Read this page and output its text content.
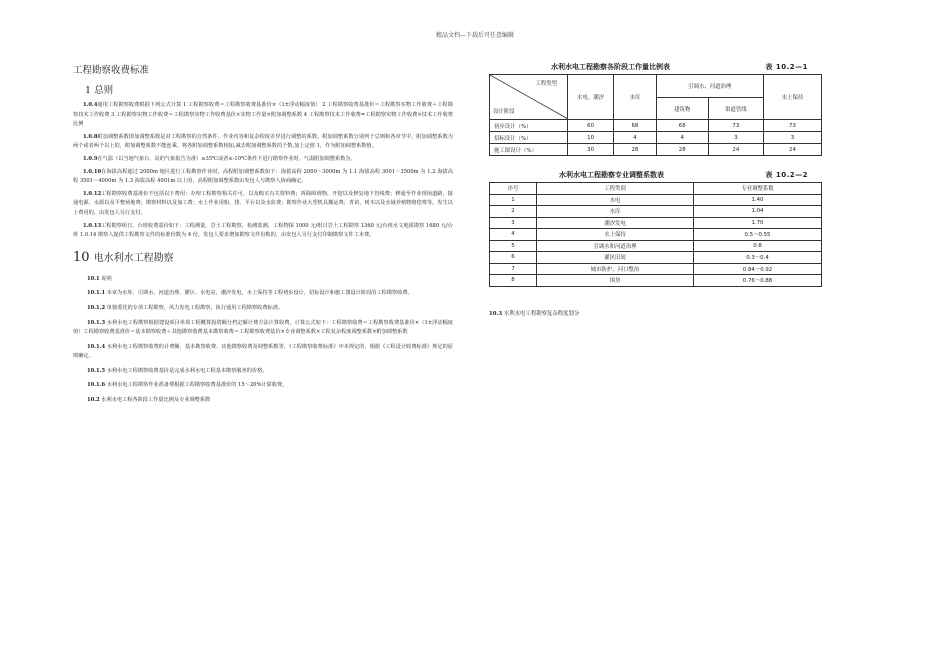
精品文档---下载后可任意编辑
工程勘察收费标准
1 总则

1.0.4通用工程勘察收费根据下列公式计算 1 工程勘察收费＝工程勘察收费基准价×（1±浮动幅度值） 2 工程勘察收费基准价＝工程勘察实物工作收费＋工程勘察技术工作收费 3 工程勘察实物工作收费＝工程勘察实物工作收费基价×实物工作量×附加调整系数 4 工程勘察技术工作收费=工程勘察实物工作收费×技术工作收费比例

1.0.8附加调整系数即加调整系数是对工程勘察的自然条件、作业内容和复杂程度差异进行调整的系数。附加调整系数分别列于总则和各章节中。附加调整系数为两个或者两个以上的，附加调整系数不能连乘。将各附加调整系数相加,减去附加调整系数的个数,加上定值 1，作为附加调整系数值。

1.0.9在气温（以当地气象台、站的气象报告为准）≥35℃或者≤-10℃条件下进行勘察作业时，气温附加调整系数为。

1.0.10在海拔高程超过 2000m 地区进行工程勘察作业时，高程附加调整系数如下：海拔高程 2000～3000m 为 1.1 海拔高程 3001～3500m 为 1.2 海拔高程 3501～4000m 为 1.3 海拔高程 4001m 以上的，高程附加调整系数由发包人与勘察人协商确定。

1.0.12工程勘察收费基准价不包括以下费用：办理工程勘察相关许可，以及购买有关资料费；拆除障碍物，开挖以及修复地下管线费；修通至作业现场道路，接通电源、水源以及平整场地费；勘察材料以及加工费；水上作业用船、排、平台以及水监费；勘察作业大型机具搬运费；青苗、树木以及水域养殖物赔偿费等。发生以上费用的，由发包人另行支付。

1.0.13工程勘察组日、台班收费基价如下：工程测量，岩土工程勘察，检测监测，工程物探 1000 元/组日岩土工程勘察 1360 元/台班水文地质勘察 1680 元/台班 1.0.14 勘察人提供工程勘察文件的标准份数为 4 份。发包人要求增加勘察文件份数的，由发包人另行支付印制勘察文件工本费。

10 电水利水工程勘察

10.1 说明

10.1.1 本章为水库、引调水、河道治理、灌区、水电站，潮汐发电、水土保持等工程初步设计，招标设计和施工图设计阶段的工程勘察收费。

10.1.2 单独委托的专项工程勘察，风力发电工程勘察，执行通用工程勘察收费标准。

10.1.3 水利水电工程勘察根据建设项目单项工程概算投资额分档定额计费方法计算收费，计算公式如下：工程勘察收费＝工程勘察收费基准价×（1±浮动幅度值）工程勘察收费基准价＝基本勘察收费＋其他勘察收费基本勘察收费＝工程勘察收费基价×专业调整系数×工程复杂程度调整系数×附加调整系数

10.1.4 水利水电工程勘察收费的计费额、基本勘察收费、其他勘察收费及调整系数等，《工程勘察收费标准》中未规定的，根据《工程设计收费标准》规定的原则确定。

10.1.5 水利水电工程勘察收费基价是完成水利水电工程基本勘察服务的价格。

10.1.6 水利水电工程勘察作业准备费根据工程勘察收费基准价的 15～20%计算收费。

10.2 水利水电工程各阶段工作量比例及专业调整系数

水利水电工程勘察各阶段工作量比例表	表 10.2—1
工程类型
设计阶段	水电、潮汐	水库	引调水、河道治理		水土保持
			建筑物	渠道管线	
初步设计（%）	60	68	68	73	73
招标设计（%）	10	4	4	3	3
施工图设计（%）	30	28	28	24	24
水利水电工程勘察专业调整系数表	表 10.2—2
序号	工程类别	专业调整系数
1	水电	1.40
2	水库	1.04
3	潮汐发电	1.70
4	水土保持	0.5～0.55
5	引调水和河道治理	0.8
6	灌区田间	0.3～0.4
7	城市防护、河口整治	0.84～0.92
8	围垦	0.76～0.88
10.3 水利水电工程勘察复杂程度划分
